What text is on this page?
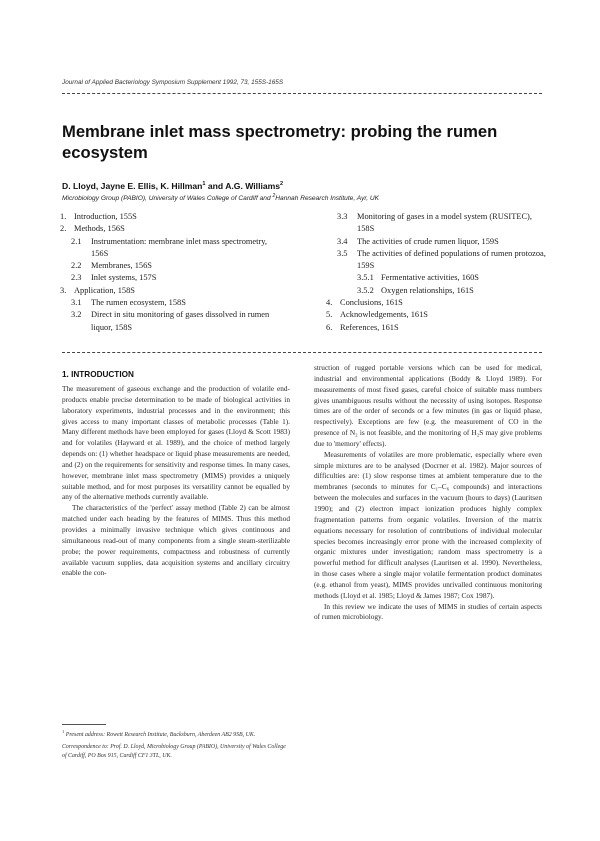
Journal of Applied Bacteriology Symposium Supplement 1992, 73, 155S-165S
Membrane inlet mass spectrometry: probing the rumen ecosystem
D. Lloyd, Jayne E. Ellis, K. Hillman$^1$ and A.G. Williams$^2$
Microbiology Group (PABIO), University of Wales College of Cardiff and $^2$Hannah Research Institute, Ayr, UK
1. Introduction, 155S
2. Methods, 156S
2.1	Instrumentation: membrane inlet mass spectrometry, 156S
2.2	Membranes, 156S
2.3	Inlet systems, 157S
3. Application, 158S
3.1	The rumen ecosystem, 158S
3.2	Direct in situ monitoring of gases dissolved in rumen liquor, 158S
3.3	Monitoring of gases in a model system (RUSITEC), 158S
3.4	The activities of crude rumen liquor, 159S
3.5	The activities of defined populations of rumen protozoa, 159S
3.5.1 Fermentative activities, 160S
3.5.2 Oxygen relationships, 161S
4. Conclusions, 161S
5. Acknowledgements, 161S
6. References, 161S
1. INTRODUCTION

The measurement of gaseous exchange and the production of volatile end-products enable precise determination to be made of biological activities in laboratory experiments, industrial processes and in the environment; this gives access to many important classes of metabolic processes (Table 1). Many different methods have been employed for gases (Lloyd & Scott 1983) and for volatiles (Hayward et al. 1989), and the choice of method largely depends on: (1) whether headspace or liquid phase measurements are needed, and (2) on the requirements for sensitivity and response times. In many cases, however, membrane inlet mass spectrometry (MIMS) provides a uniquely suitable method, and for most purposes its versatility cannot be equalled by any of the alternative methods currently available.

The characteristics of the 'perfect' assay method (Table 2) can be almost matched under each heading by the features of MIMS. Thus this method provides a minimally invasive technique which gives continuous and simultaneous read-out of many components from a single steam-sterilizable probe; the power requirements, compactness and robustness of currently available vacuum supplies, data acquisition systems and ancillary circuitry enable the con-

struction of rugged portable versions which can be used for medical, industrial and environmental applications (Boddy & Lloyd 1989). For measurements of most fixed gases, careful choice of suitable mass numbers gives unambiguous results without the necessity of using isotopes. Response times are of the order of seconds or a few minutes (in gas or liquid phase, respectively). Exceptions are few (e.g. the measurement of CO in the presence of N₂ is not feasible, and the monitoring of H₂S may give problems due to 'memory' effects).

Measurements of volatiles are more problematic, especially where even simple mixtures are to be analysed (Docrner et al. 1982). Major sources of difficulties are: (1) slow response times at ambient temperature due to the membranes (seconds to minutes for C₁–C₆ compounds) and interactions between the molecules and surfaces in the vacuum (hours to days) (Lauritsen 1990); and (2) electron impact ionization produces highly complex fragmentation patterns from organic volatiles. Inversion of the matrix equations necessary for resolution of contributions of individual molecular species becomes increasingly error prone with the increased complexity of organic mixtures under investigation; random mass spectrometry is a powerful method for difficult analyses (Lauritsen et al. 1990). Nevertheless, in those cases where a single major volatile fermentation product dominates (e.g. ethanol from yeast), MIMS provides unrivalled continuous monitoring methods (Lloyd et al. 1985; Lloyd & James 1987; Cox 1987).

In this review we indicate the uses of MIMS in studies of certain aspects of rumen microbiology.

$^1$ Present address: Rowett Research Institute, Bucksburn, Aberdeen AB2 9SB, UK.

Correspondence to: Prof. D. Lloyd, Microbiology Group (PABIO), University of Wales College of Cardiff, PO Box 915, Cardiff CF1 3TL, UK.
